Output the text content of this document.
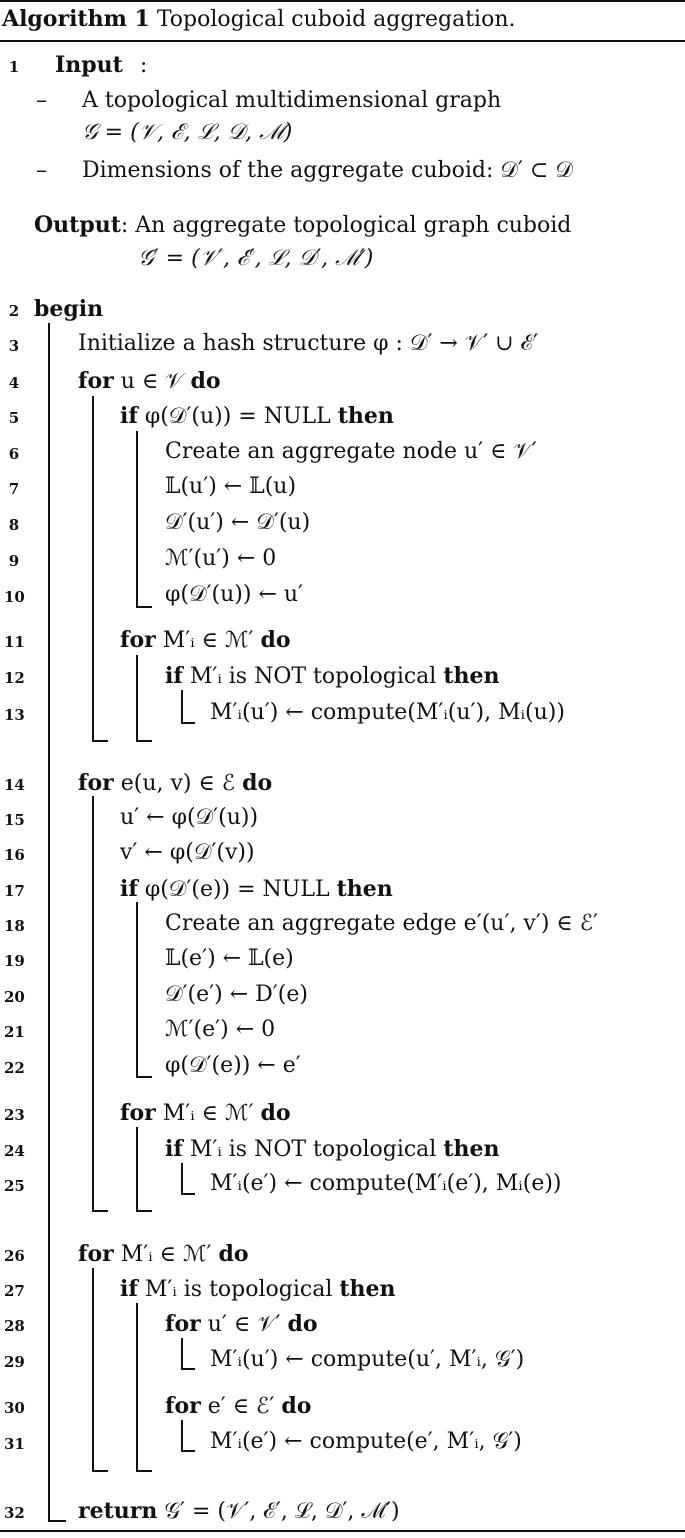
Algorithm 1 Topological cuboid aggregation.
1 Input :
– A topological multidimensional graph
𝒢 = (𝒱, ℰ, ℒ, 𝒟, ℳ)
– Dimensions of the aggregate cuboid: 𝒟′ ⊂ 𝒟
Output: An aggregate topological graph cuboid
𝒢′ = (𝒱′, ℰ′, ℒ, 𝒟′, ℳ′)
2 begin
3	Initialize a hash structure φ : 𝒟′ → 𝒱′ ∪ ℰ′
4	for u ∈ 𝒱 do
5	if φ(𝒟′(u)) = NULL then
6	Create an aggregate node u′ ∈ 𝒱′
7	𝕃(u′) ← 𝕃(u)
8	𝒟′(u′) ← 𝒟′(u)
9	ℳ′(u′) ← 0
10	φ(𝒟′(u)) ← u′
11	for M′ᵢ ∈ ℳ′ do
12	if M′ᵢ is NOT topological then
13	M′ᵢ(u′) ← compute(M′ᵢ(u′), Mᵢ(u))
14 for e(u, v) ∈ ℰ do
15	u′ ← φ(𝒟′(u))
16	v′ ← φ(𝒟′(v))
17	if φ(𝒟′(e)) = NULL then
18	Create an aggregate edge e′(u′, v′) ∈ ℰ′
19	𝕃(e′) ← 𝕃(e)
20	𝒟′(e′) ← D′(e)
21	ℳ′(e′) ← 0
22	φ(𝒟′(e)) ← e′
23	for M′ᵢ ∈ ℳ′ do
24	if M′ᵢ is NOT topological then
25	M′ᵢ(e′) ← compute(M′ᵢ(e′), Mᵢ(e))
26 for M′ᵢ ∈ ℳ′ do
27	if M′ᵢ is topological then
28	for u′ ∈ 𝒱′ do
29	M′ᵢ(u′) ← compute(u′, M′ᵢ, 𝒢′)
30	for e′ ∈ ℰ′ do
31	M′ᵢ(e′) ← compute(e′, M′ᵢ, 𝒢′)
32 return 𝒢′ = (𝒱′, ℰ′, ℒ, 𝒟′, ℳ′)
